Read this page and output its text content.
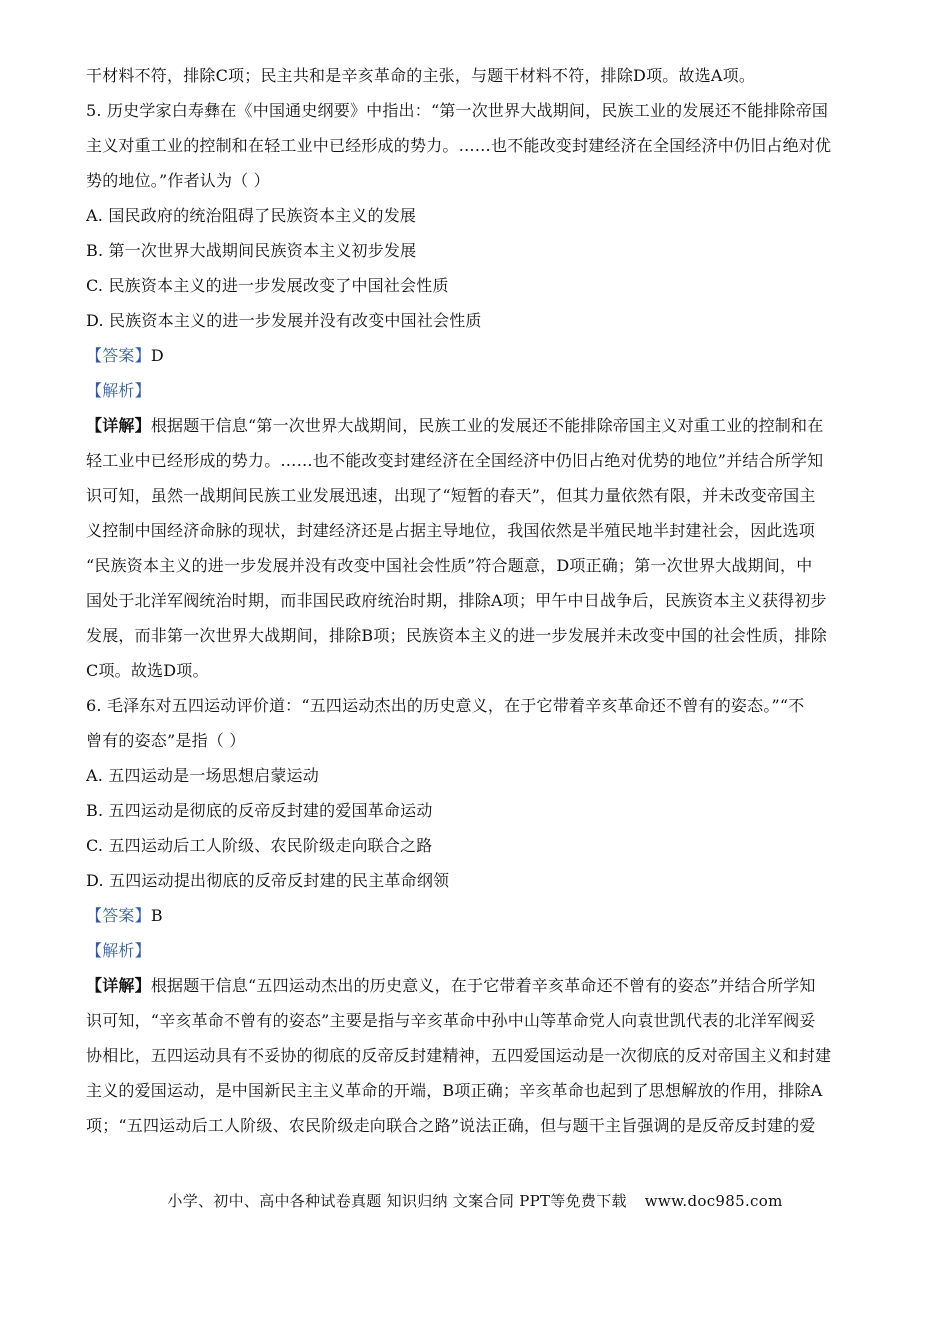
干材料不符，排除C项；民主共和是辛亥革命的主张，与题干材料不符，排除D项。故选A项。
5. 历史学家白寿彝在《中国通史纲要》中指出：“第一次世界大战期间，民族工业的发展还不能排除帝国
主义对重工业的控制和在轻工业中已经形成的势力。……也不能改变封建经济在全国经济中仍旧占绝对优
势的地位。”作者认为（ ）
A. 国民政府的统治阻碍了民族资本主义的发展
B. 第一次世界大战期间民族资本主义初步发展
C. 民族资本主义的进一步发展改变了中国社会性质
D. 民族资本主义的进一步发展并没有改变中国社会性质
【答案】D
【解析】
【详解】根据题干信息“第一次世界大战期间，民族工业的发展还不能排除帝国主义对重工业的控制和在
轻工业中已经形成的势力。……也不能改变封建经济在全国经济中仍旧占绝对优势的地位”并结合所学知
识可知，虽然一战期间民族工业发展迅速，出现了“短暂的春天”，但其力量依然有限，并未改变帝国主
义控制中国经济命脉的现状，封建经济还是占据主导地位，我国依然是半殖民地半封建社会，因此选项
“民族资本主义的进一步发展并没有改变中国社会性质”符合题意，D项正确；第一次世界大战期间，中
国处于北洋军阀统治时期，而非国民政府统治时期，排除A项；甲午中日战争后，民族资本主义获得初步
发展，而非第一次世界大战期间，排除B项；民族资本主义的进一步发展并未改变中国的社会性质，排除
C项。故选D项。
6. 毛泽东对五四运动评价道：“五四运动杰出的历史意义，在于它带着辛亥革命还不曾有的姿态。”“不
曾有的姿态”是指（ ）
A. 五四运动是一场思想启蒙运动
B. 五四运动是彻底的反帝反封建的爱国革命运动
C. 五四运动后工人阶级、农民阶级走向联合之路
D. 五四运动提出彻底的反帝反封建的民主革命纲领
【答案】B
【解析】
【详解】根据题干信息“五四运动杰出的历史意义，在于它带着辛亥革命还不曾有的姿态”并结合所学知
识可知，“辛亥革命不曾有的姿态”主要是指与辛亥革命中孙中山等革命党人向袁世凯代表的北洋军阀妥
协相比，五四运动具有不妥协的彻底的反帝反封建精神，五四爱国运动是一次彻底的反对帝国主义和封建
主义的爱国运动，是中国新民主主义革命的开端，B项正确；辛亥革命也起到了思想解放的作用，排除A
项；“五四运动后工人阶级、农民阶级走向联合之路”说法正确，但与题干主旨强调的是反帝反封建的爱
小学、初中、高中各种试卷真题 知识归纳 文案合同 PPT等免费下载 www.doc985.com
